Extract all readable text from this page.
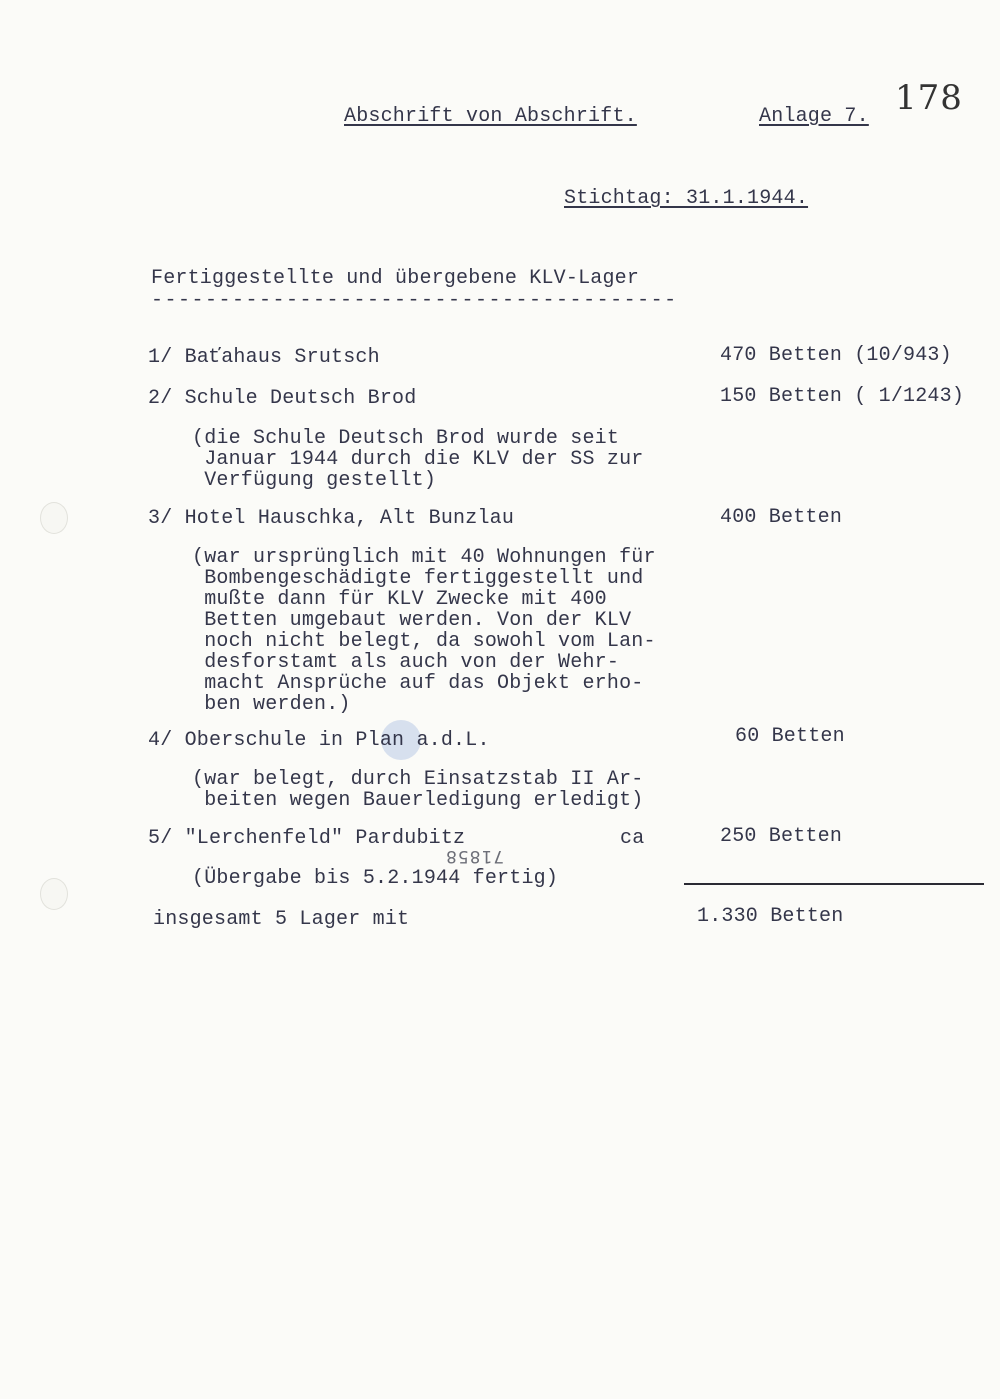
Abschrift von Abschrift.	Anlage 7. 178
Stichtag: 31.1.1944.
Fertiggestellte und übergebene KLV-Lager
---------------------------------------
1/ Baťahaus Srutsch	470 Betten (10/943)
2/ Schule Deutsch Brod	150 Betten ( 1/1243)
(die Schule Deutsch Brod wurde seit
Januar 1944 durch die KLV der SS zur
Verfügung gestellt)
3/ Hotel Hauschka, Alt Bunzlau	400 Betten
(war ursprünglich mit 40 Wohnungen für
Bombengeschädigte fertiggestellt und
mußte dann für KLV Zwecke mit 400
Betten umgebaut werden. Von der KLV
noch nicht belegt, da sowohl vom Lan-
desforstamt als auch von der Wehr-
macht Ansprüche auf das Objekt erho-
ben werden.)
4/ Oberschule in Plan a.d.L.	60 Betten
(war belegt, durch Einsatzstab II Ar-
beiten wegen Bauerledigung erledigt)
5/ "Lerchenfeld" Pardubitz	ca	250 Betten
71858
(Übergabe bis 5.2.1944 fertig)
insgesamt 5 Lager mit	1.330 Betten
